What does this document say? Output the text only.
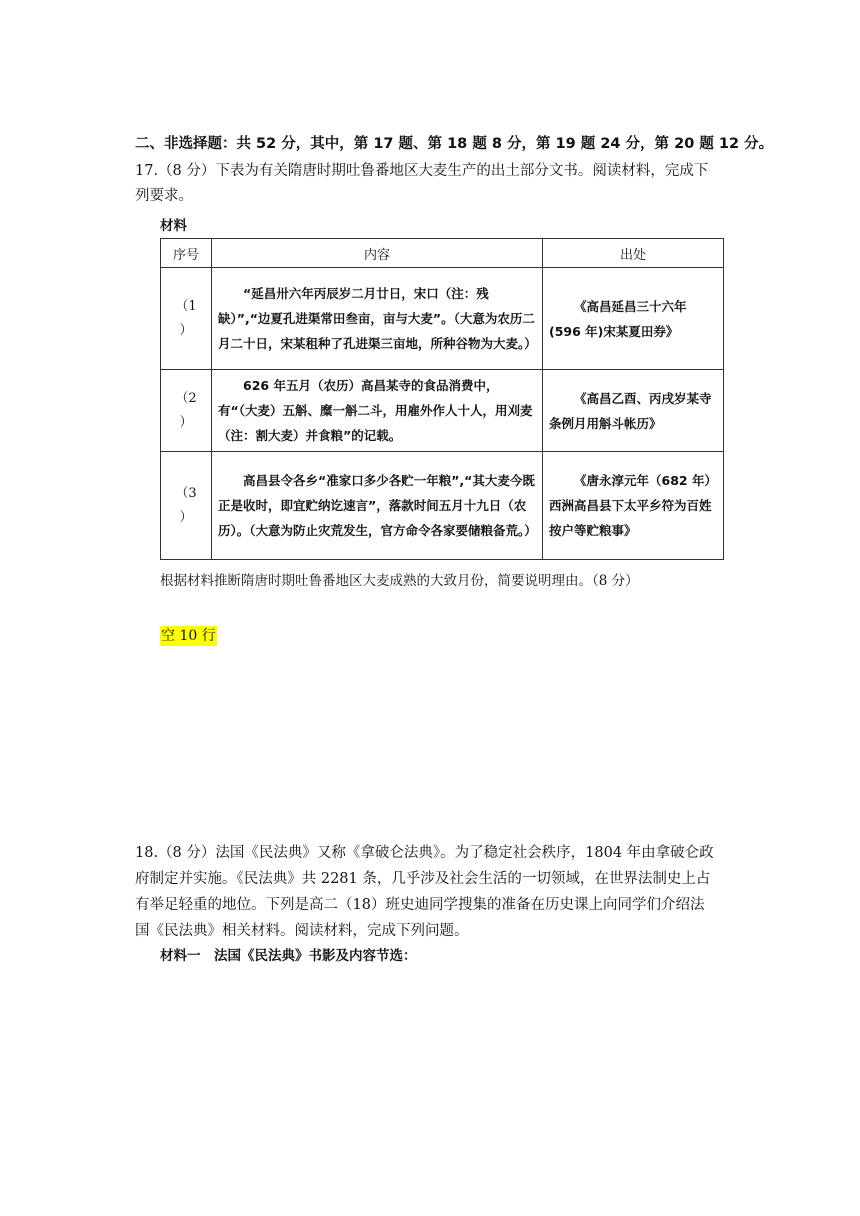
二、非选择题：共 52 分，其中，第 17 题、第 18 题 8 分，第 19 题 24 分，第 20 题 12 分。
17.（8 分）下表为有关隋唐时期吐鲁番地区大麦生产的出土部分文书。阅读材料，完成下
列要求。
材料
序号	内容	出处

（1
）	“延昌卅六年丙辰岁二月廿日，宋口（注：残缺）”,“边夏孔进渠常田叁亩，亩与大麦”。（大意为农历二月二十日，宋某租种了孔进渠三亩地，所种谷物为大麦。）	《高昌延昌三十六年(596 年)宋某夏田券》

（2
）	626 年五月（农历）高昌某寺的食品消费中，有“（大麦）五斛、糜一斛二斗，用雇外作人十人，用刈麦（注：割大麦）并食粮”的记载。	《高昌乙酉、丙戌岁某寺条例月用斛斗帐历》

（3
）	高昌县令各乡“准家口多少各贮一年粮”,“其大麦今既正是收时，即宜贮纳讫速言”，落款时间五月十九日（农历）。（大意为防止灾荒发生，官方命令各家要储粮备荒。）	《唐永淳元年（682 年）西洲高昌县下太平乡符为百姓按户等贮粮事》
根据材料推断隋唐时期吐鲁番地区大麦成熟的大致月份，简要说明理由。（8 分）
空 10 行
18.（8 分）法国《民法典》又称《拿破仑法典》。为了稳定社会秩序，1804 年由拿破仑政
府制定并实施。《民法典》共 2281 条，几乎涉及社会生活的一切领域，在世界法制史上占
有举足轻重的地位。下列是高二（18）班史迪同学搜集的准备在历史课上向同学们介绍法
国《民法典》相关材料。阅读材料，完成下列问题。
材料一　法国《民法典》书影及内容节选：
